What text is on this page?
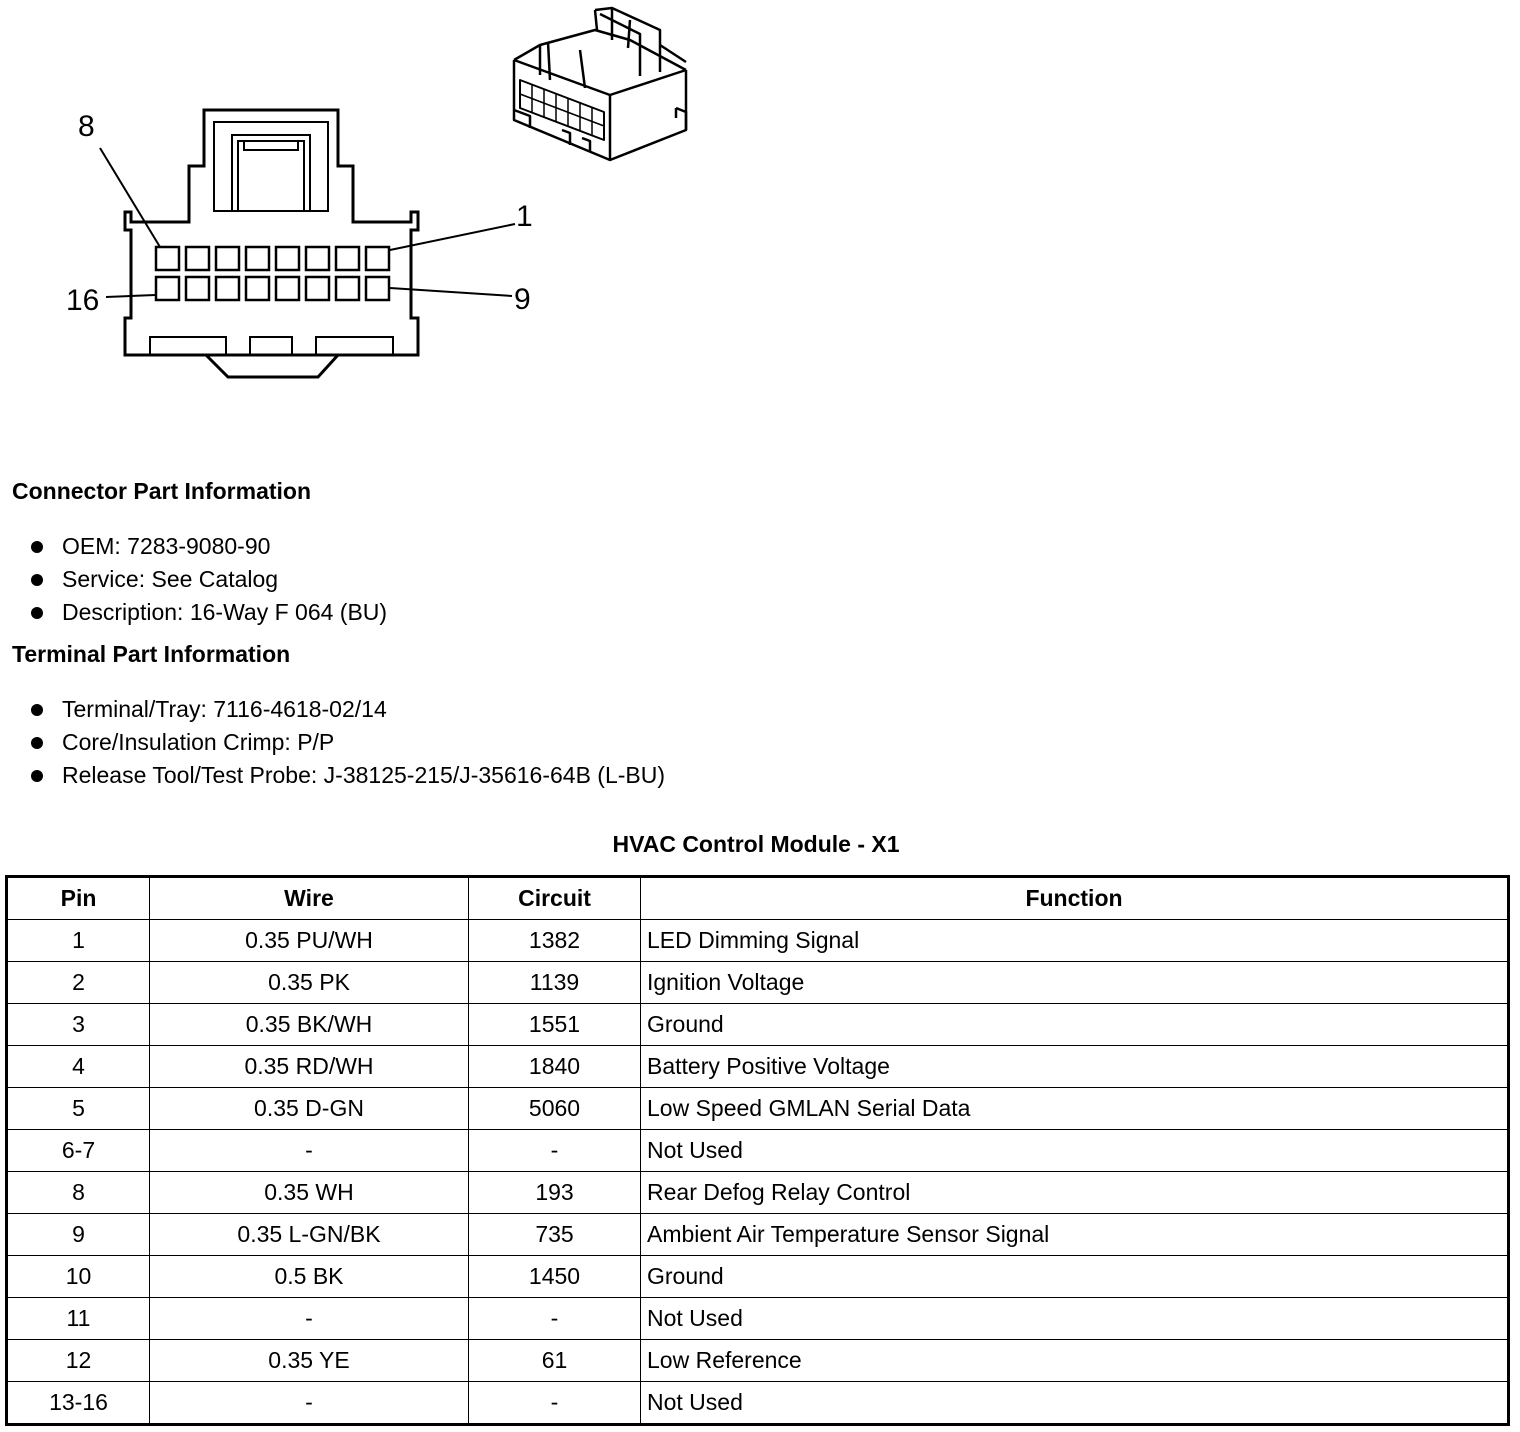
8
1
16	9
Connector Part Information
OEM: 7283-9080-90
Service: See Catalog
Description: 16-Way F 064 (BU)
Terminal Part Information
Terminal/Tray: 7116-4618-02/14
Core/Insulation Crimp: P/P
Release Tool/Test Probe: J-38125-215/J-35616-64B (L-BU)
HVAC Control Module - X1
Pin	Wire	Circuit	Function
1	0.35 PU/WH	1382	LED Dimming Signal
2	0.35 PK	1139	Ignition Voltage
3	0.35 BK/WH	1551	Ground
4	0.35 RD/WH	1840	Battery Positive Voltage
5	0.35 D-GN	5060	Low Speed GMLAN Serial Data
6-7	-	-	Not Used
8	0.35 WH	193	Rear Defog Relay Control
9	0.35 L-GN/BK	735	Ambient Air Temperature Sensor Signal
10	0.5 BK	1450	Ground
11	-	-	Not Used
12	0.35 YE	61	Low Reference
13-16	-	-	Not Used
